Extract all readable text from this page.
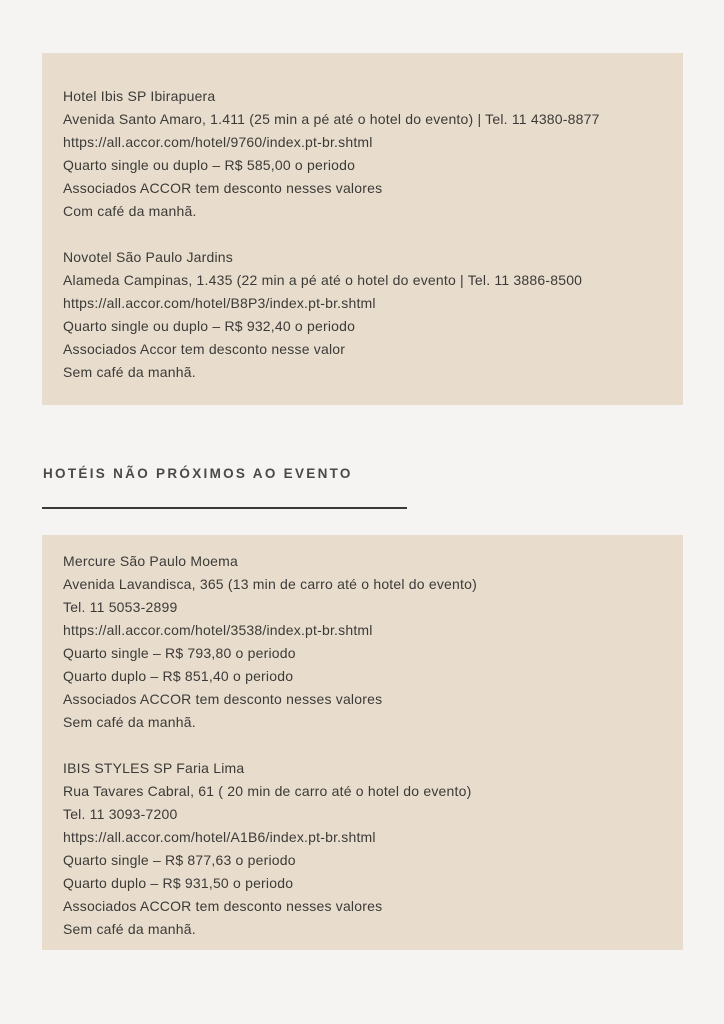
Hotel Ibis SP Ibirapuera

Avenida Santo Amaro, 1.411 (25 min a pé até o hotel do evento) | Tel. 11 4380-8877

https://all.accor.com/hotel/9760/index.pt-br.shtml

Quarto single ou duplo – R$ 585,00 o periodo

Associados ACCOR tem desconto nesses valores

Com café da manhã.

Novotel São Paulo Jardins

Alameda Campinas, 1.435 (22 min a pé até o hotel do evento | Tel. 11 3886-8500

https://all.accor.com/hotel/B8P3/index.pt-br.shtml

Quarto single ou duplo – R$ 932,40 o periodo

Associados Accor tem desconto nesse valor

Sem café da manhã.

HOTÉIS NÃO PRÓXIMOS AO EVENTO

Mercure São Paulo Moema

Avenida Lavandisca, 365 (13 min de carro até o hotel do evento)

Tel. 11 5053-2899

https://all.accor.com/hotel/3538/index.pt-br.shtml

Quarto single – R$ 793,80 o periodo

Quarto duplo – R$ 851,40 o periodo

Associados ACCOR tem desconto nesses valores

Sem café da manhã.

IBIS STYLES SP Faria Lima

Rua Tavares Cabral, 61 ( 20 min de carro até o hotel do evento)

Tel. 11 3093-7200

https://all.accor.com/hotel/A1B6/index.pt-br.shtml

Quarto single – R$ 877,63 o periodo

Quarto duplo – R$ 931,50 o periodo

Associados ACCOR tem desconto nesses valores

Sem café da manhã.
